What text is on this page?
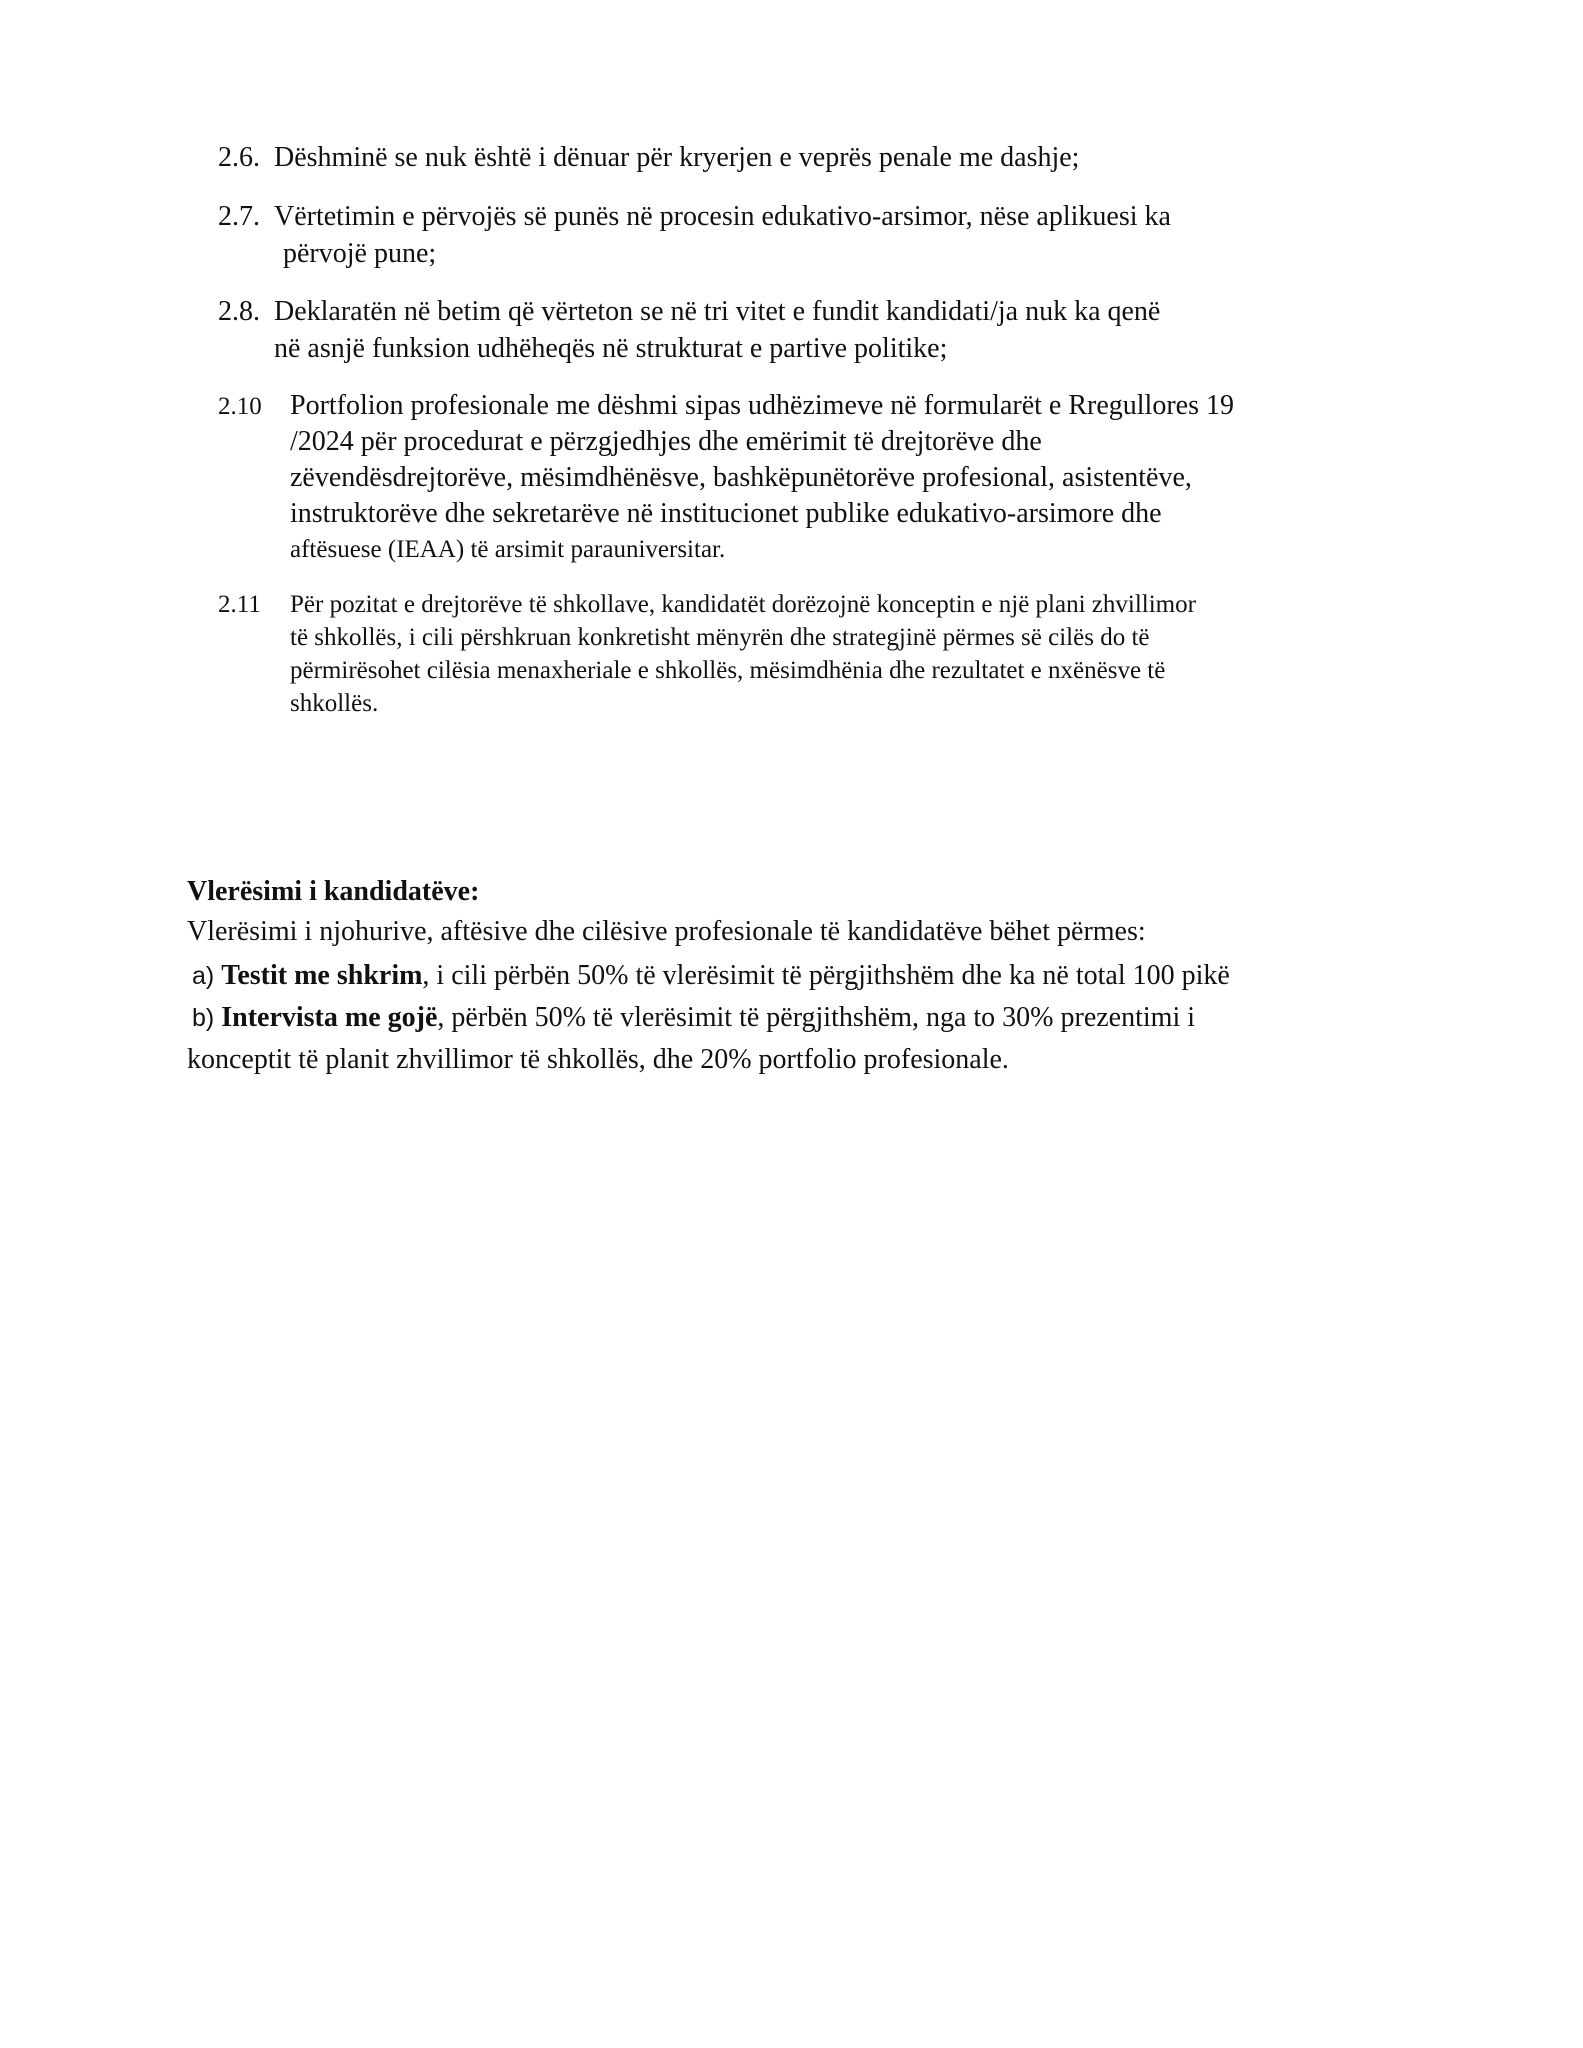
2.6. Dëshminë se nuk është i dënuar për kryerjen e veprës penale me dashje;

2.7. Vërtetimin e përvojës së punës në procesin edukativo-arsimor, nëse aplikuesi ka

përvojë pune;

2.8. Deklaratën në betim që vërteton se në tri vitet e fundit kandidati/ja nuk ka qenë

në asnjë funksion udhëheqës në strukturat e partive politike;

2.10 Portfolion profesionale me dëshmi sipas udhëzimeve në formularët e Rregullores 19

/2024 për procedurat e përzgjedhjes dhe emërimit të drejtorëve dhe

zëvendësdrejtorëve, mësimdhënësve, bashkëpunëtorëve profesional, asistentëve,

instruktorëve dhe sekretarëve në institucionet publike edukativo-arsimore dhe

aftësuese (IEAA) të arsimit parauniversitar.

2.11 Për pozitat e drejtorëve të shkollave, kandidatët dorëzojnë konceptin e një plani zhvillimor

të shkollës, i cili përshkruan konkretisht mënyrën dhe strategjinë përmes së cilës do të

përmirësohet cilësia menaxheriale e shkollës, mësimdhënia dhe rezultatet e nxënësve të

shkollës.

Vlerësimi i kandidatëve:

Vlerësimi i njohurive, aftësive dhe cilësive profesionale të kandidatëve bëhet përmes:

a) Testit me shkrim, i cili përbën 50% të vlerësimit të përgjithshëm dhe ka në total 100 pikë

b) Intervista me gojë, përbën 50% të vlerësimit të përgjithshëm, nga to 30% prezentimi i

konceptit të planit zhvillimor të shkollës, dhe 20% portfolio profesionale.
